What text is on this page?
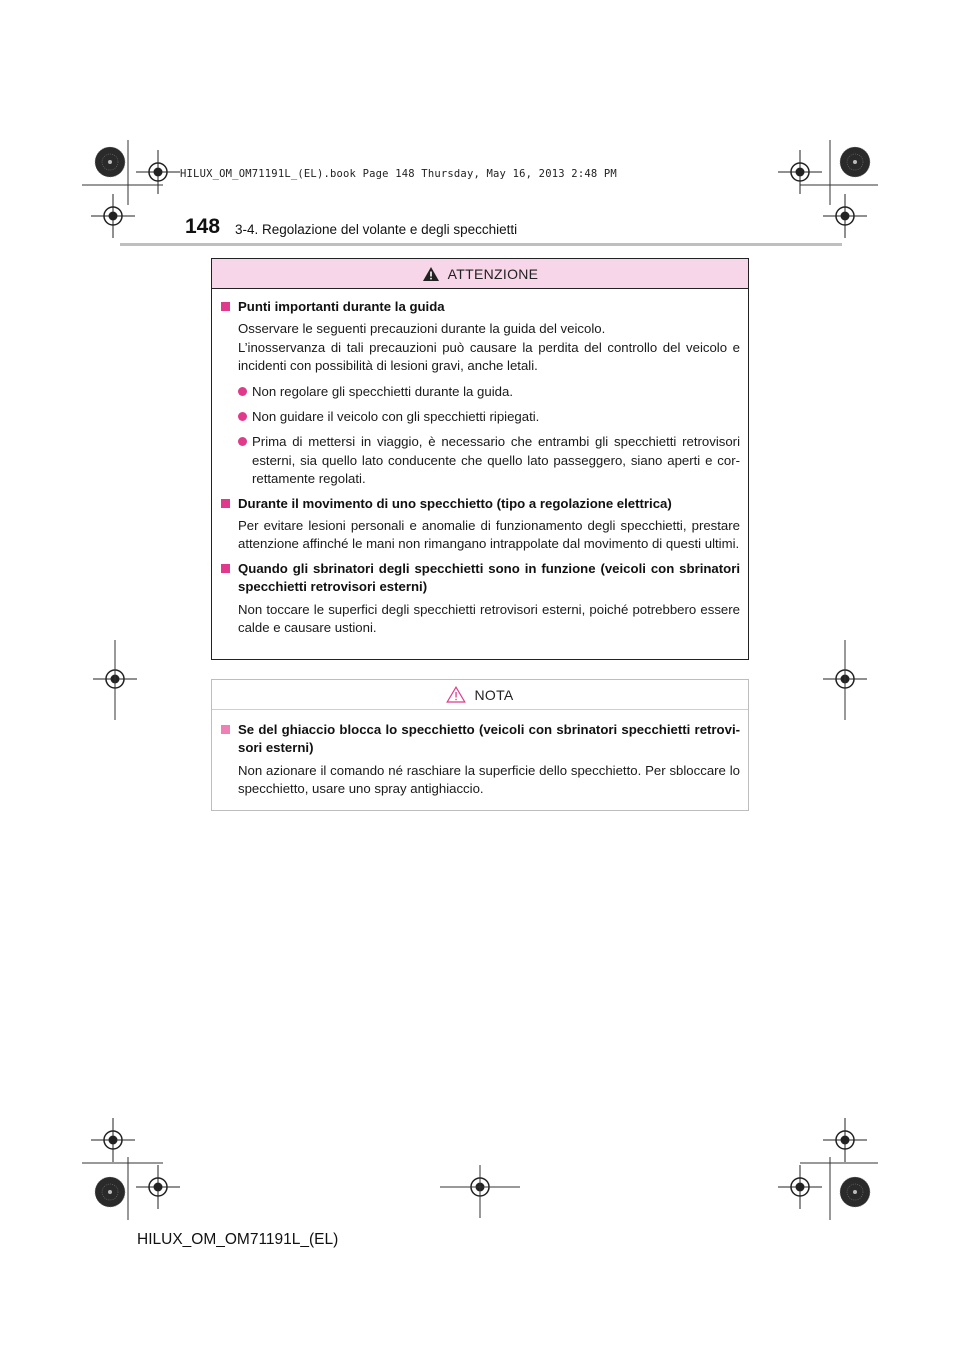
HILUX_OM_OM71191L_(EL).book Page 148 Thursday, May 16, 2013 2:48 PM
148 3-4. Regolazione del volante e degli specchietti
ATTENZIONE
Punti importanti durante la guida
Osservare le seguenti precauzioni durante la guida del veicolo.
L’inosservanza di tali precauzioni può causare la perdita del controllo del veicolo e incidenti con possibilità di lesioni gravi, anche letali.
Non regolare gli specchietti durante la guida.
Non guidare il veicolo con gli specchietti ripiegati.
Prima di mettersi in viaggio, è necessario che entrambi gli specchietti retrovisori esterni, sia quello lato conducente che quello lato passeggero, siano aperti e cor-rettamente regolati.
Durante il movimento di uno specchietto (tipo a regolazione elettrica)
Per evitare lesioni personali e anomalie di funzionamento degli specchietti, prestare attenzione affinché le mani non rimangano intrappolate dal movimento di questi ultimi.
Quando gli sbrinatori degli specchietti sono in funzione (veicoli con sbrinatori specchietti retrovisori esterni)
Non toccare le superfici degli specchietti retrovisori esterni, poiché potrebbero essere calde e causare ustioni.
NOTA
Se del ghiaccio blocca lo specchietto (veicoli con sbrinatori specchietti retrovi-sori esterni)
Non azionare il comando né raschiare la superficie dello specchietto. Per sbloccare lo specchietto, usare uno spray antighiaccio.
HILUX_OM_OM71191L_(EL)
